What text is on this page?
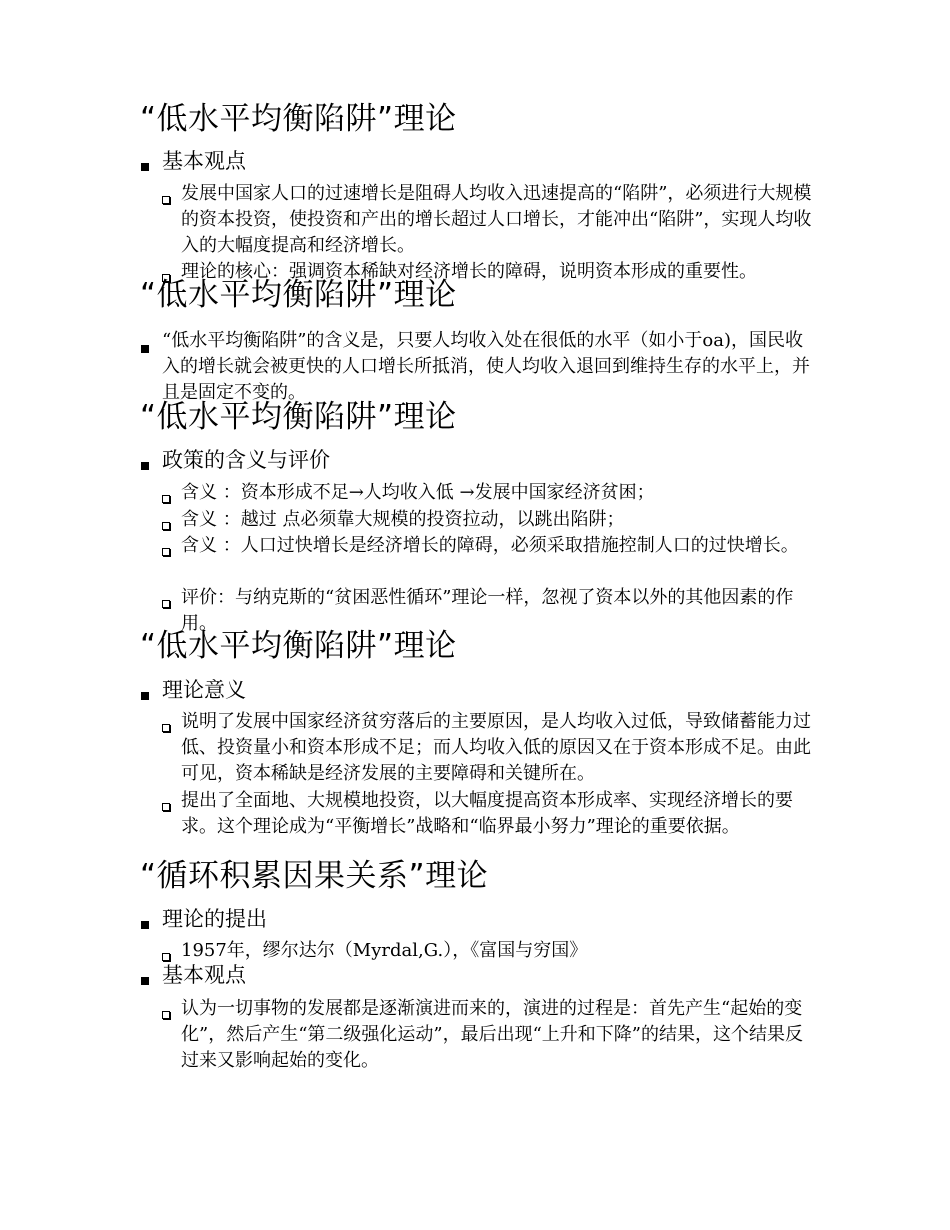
“低水平均衡陷阱”理论
基本观点
发展中国家人口的过速增长是阻碍人均收入迅速提高的“陷阱”，必须进行大规模的资本投资，使投资和产出的增长超过人口增长，才能冲出“陷阱”，实现人均收入的大幅度提高和经济增长。
理论的核心：强调资本稀缺对经济增长的障碍，说明资本形成的重要性。
“低水平均衡陷阱”理论
“低水平均衡陷阱”的含义是，只要人均收入处在很低的水平（如小于oa)，国民收入的增长就会被更快的人口增长所抵消，使人均收入退回到维持生存的水平上，并且是固定不变的。
“低水平均衡陷阱”理论
政策的含义与评价
含义 ：资本形成不足→人均收入低 →发展中国家经济贫困；
含义 ：越过 点必须靠大规模的投资拉动，以跳出陷阱；
含义 ：人口过快增长是经济增长的障碍，必须采取措施控制人口的过快增长。
评价：与纳克斯的“贫困恶性循环”理论一样，忽视了资本以外的其他因素的作用。
“低水平均衡陷阱”理论
理论意义
说明了发展中国家经济贫穷落后的主要原因，是人均收入过低，导致储蓄能力过低、投资量小和资本形成不足；而人均收入低的原因又在于资本形成不足。由此可见，资本稀缺是经济发展的主要障碍和关键所在。
提出了全面地、大规模地投资，以大幅度提高资本形成率、实现经济增长的要求。这个理论成为“平衡增长”战略和“临界最小努力”理论的重要依据。
“循环积累因果关系”理论
理论的提出
1957年，缪尔达尔（Myrdal,G.），《富国与穷国》
基本观点
认为一切事物的发展都是逐渐演进而来的，演进的过程是：首先产生“起始的变化”，然后产生“第二级强化运动”，最后出现“上升和下降”的结果，这个结果反过来又影响起始的变化。
